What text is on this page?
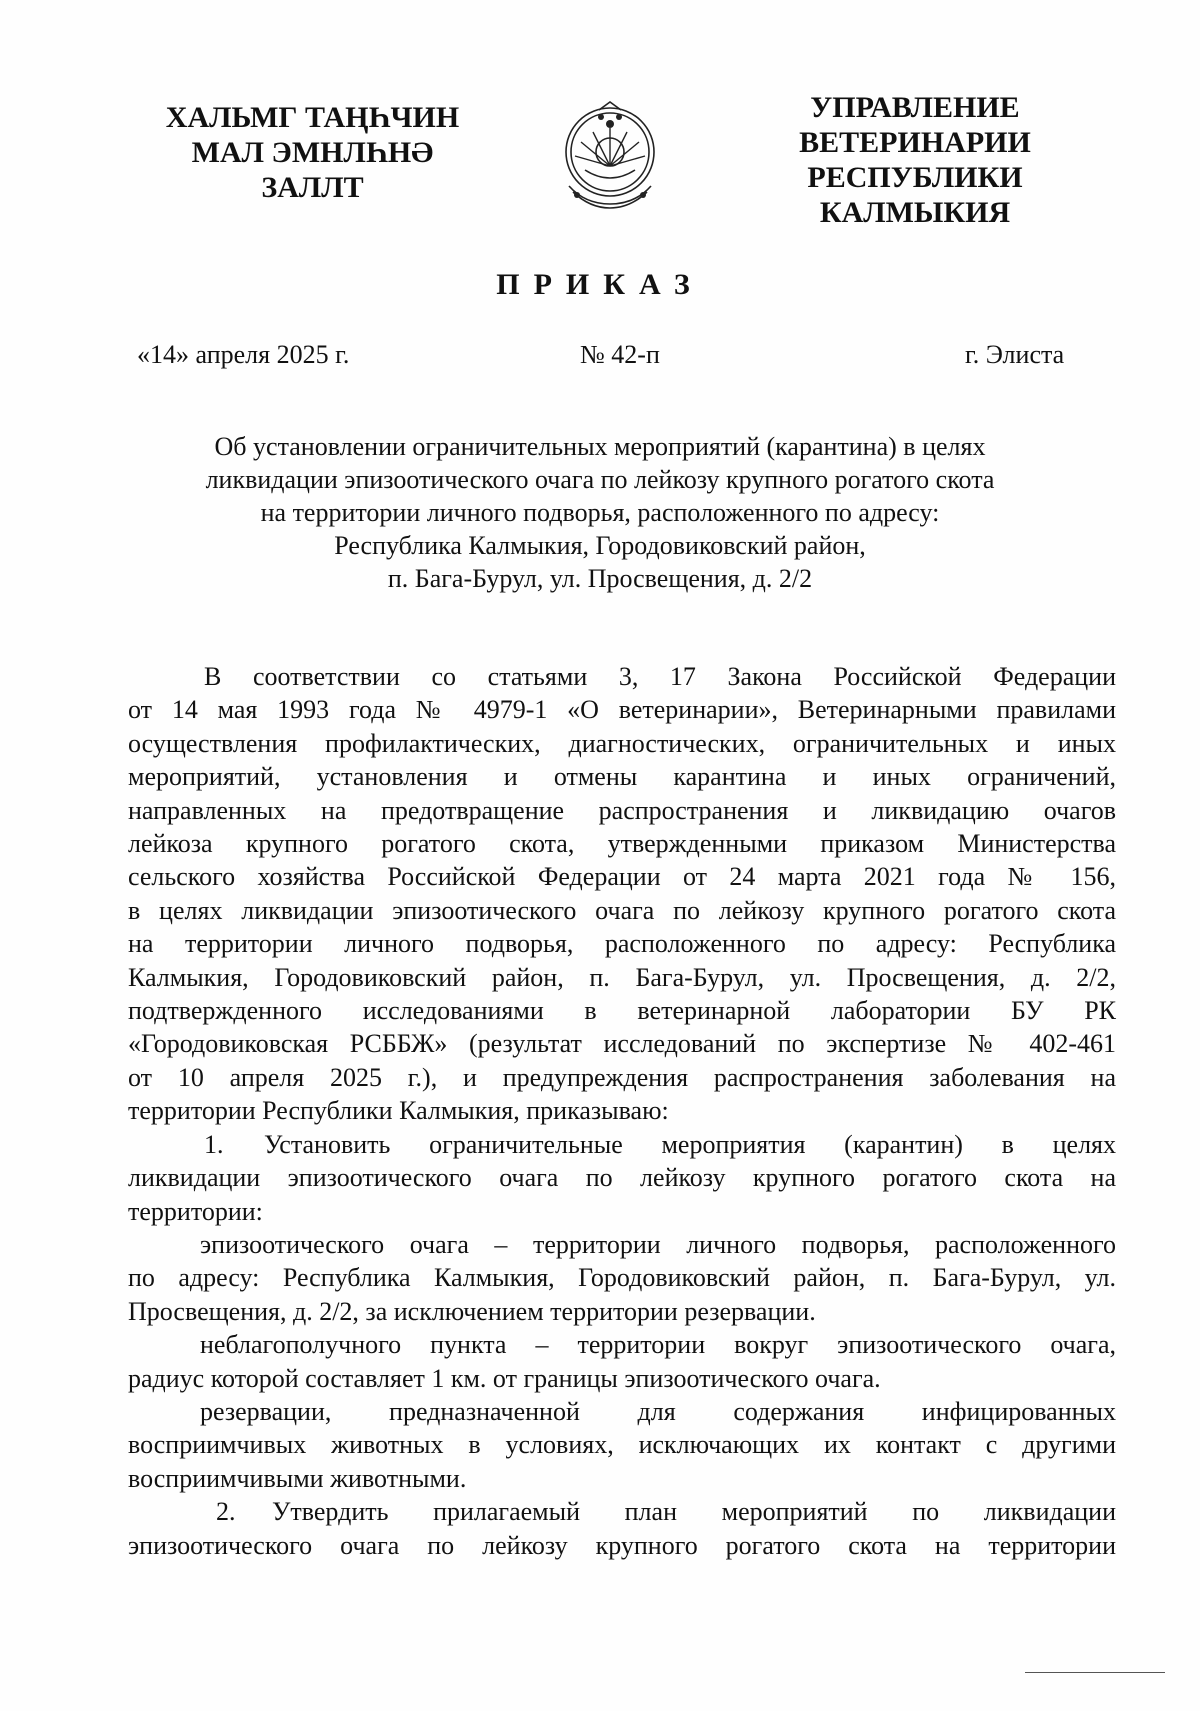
ХАЛЬМГ ТАҢҺЧИН
МАЛ ЭМНЛҺНӘ
ЗАЛЛТ
УПРАВЛЕНИЕ
ВЕТЕРИНАРИИ
РЕСПУБЛИКИ
КАЛМЫКИЯ
ПРИКАЗ
«14» апреля 2025 г.	№ 42-п	г. Элиста
Об установлении ограничительных мероприятий (карантина) в целях
ликвидации эпизоотического очага по лейкозу крупного рогатого скота
на территории личного подворья, расположенного по адресу:
Республика Калмыкия, Городовиковский район,
п. Бага-Бурул, ул. Просвещения, д. 2/2
В соответствии со статьями 3, 17 Закона Российской Федерации
от 14 мая 1993 года № 4979-1 «О ветеринарии», Ветеринарными правилами
осуществления профилактических, диагностических, ограничительных и иных
мероприятий, установления и отмены карантина и иных ограничений,
направленных на предотвращение распространения и ликвидацию очагов
лейкоза крупного рогатого скота, утвержденными приказом Министерства
сельского хозяйства Российской Федерации от 24 марта 2021 года № 156,
в целях ликвидации эпизоотического очага по лейкозу крупного рогатого скота
на территории личного подворья, расположенного по адресу: Республика
Калмыкия, Городовиковский район, п. Бага-Бурул, ул. Просвещения, д. 2/2,
подтвержденного исследованиями в ветеринарной лаборатории БУ РК
«Городовиковская РСББЖ» (результат исследований по экспертизе № 402-461
от 10 апреля 2025 г.), и предупреждения распространения заболевания на
территории Республики Калмыкия, приказываю:
1.	Установить ограничительные мероприятия (карантин) в целях
ликвидации эпизоотического очага по лейкозу крупного рогатого скота на
территории:
эпизоотического очага – территории личного подворья, расположенного
по адресу: Республика Калмыкия, Городовиковский район, п. Бага-Бурул, ул.
Просвещения, д. 2/2, за исключением территории резервации.
неблагополучного пункта – территории вокруг эпизоотического очага,
радиус которой составляет 1 км. от границы эпизоотического очага.
резервации, предназначенной для содержания инфицированных
восприимчивых животных в условиях, исключающих их контакт с другими
восприимчивыми животными.
2.	Утвердить прилагаемый план мероприятий по ликвидации
эпизоотического очага по лейкозу крупного рогатого скота на территории
